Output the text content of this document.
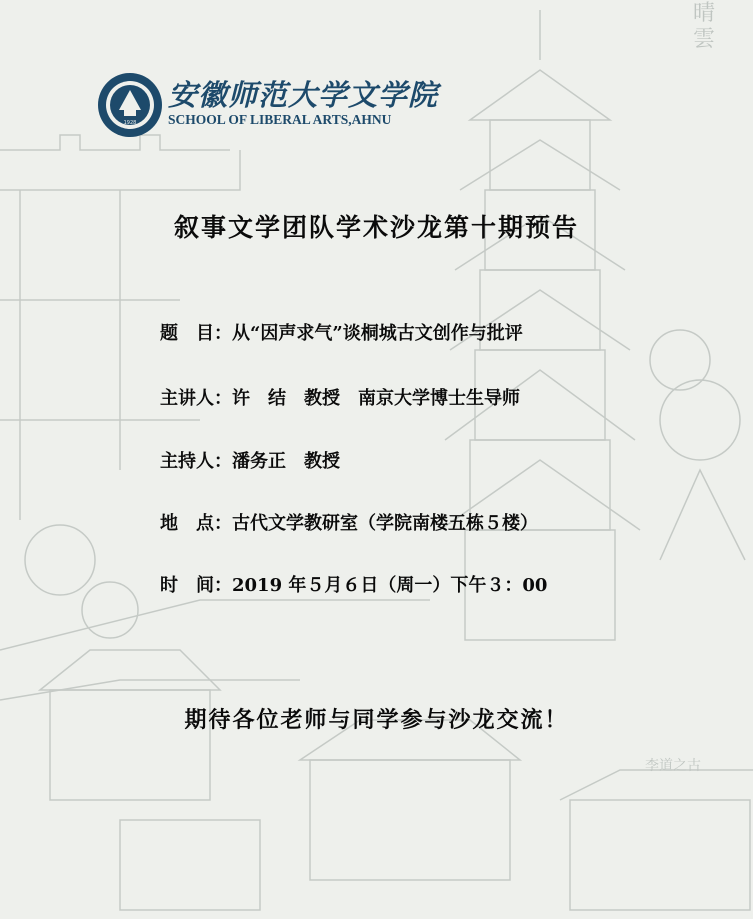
晴
雲
李道之古
1928
安徽师范大学文学院
SCHOOL OF LIBERAL ARTS,AHNU
叙事文学团队学术沙龙第十期预告
题　目：从“因声求气”谈桐城古文创作与批评
主讲人：许　结　教授　南京大学博士生导师
主持人：潘务正　教授
地　点：古代文学教研室（学院南楼五栋５楼）
时　间：2019 年５月６日（周一）下午３：00
期待各位老师与同学参与沙龙交流！
